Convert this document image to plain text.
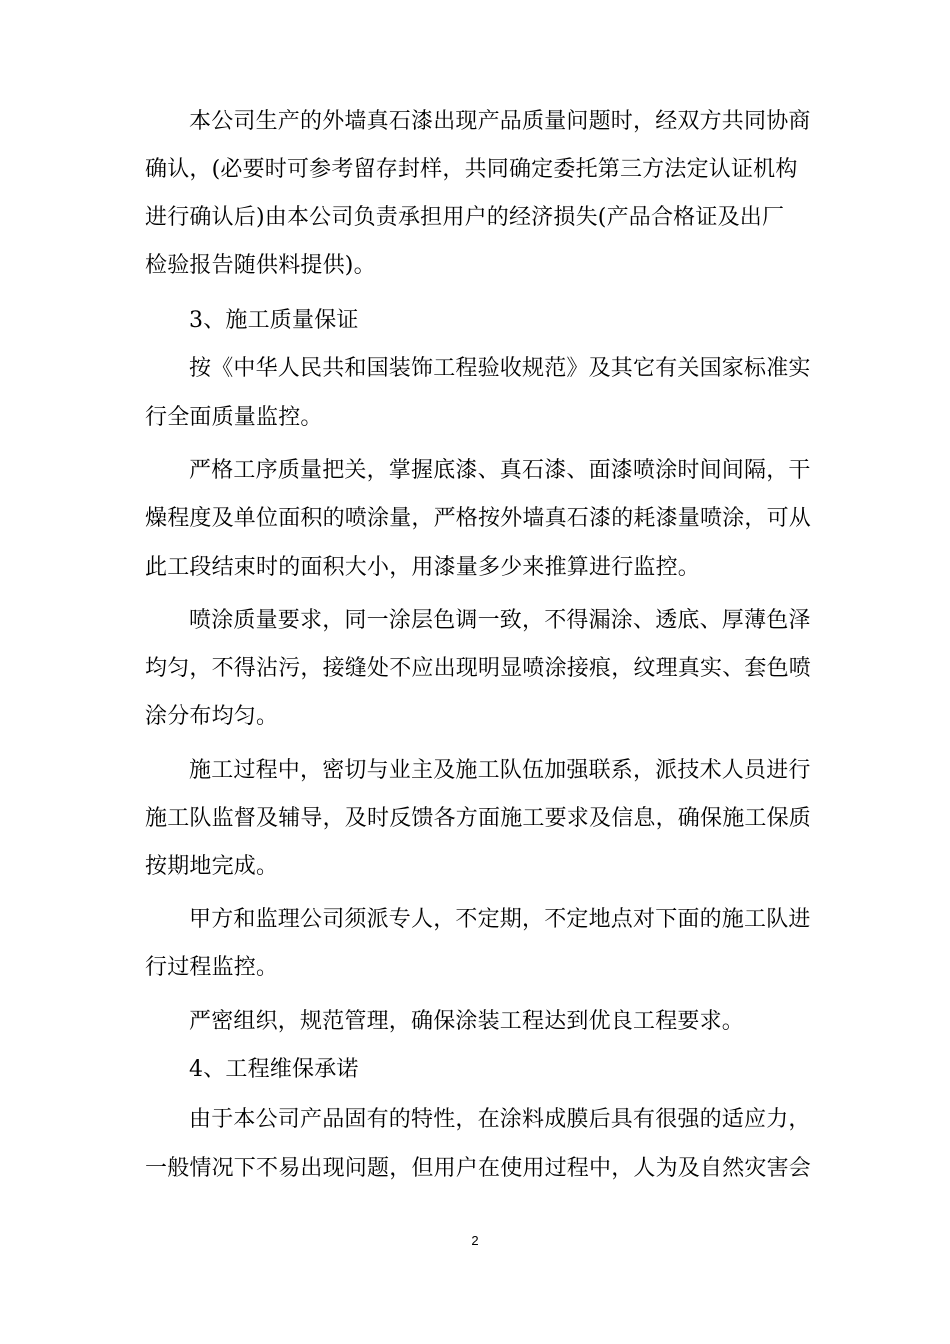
本公司生产的外墙真石漆出现产品质量问题时，经双方共同协商
确认，(必要时可参考留存封样，共同确定委托第三方法定认证机构
进行确认后)由本公司负责承担用户的经济损失(产品合格证及出厂
检验报告随供料提供)。
3、施工质量保证
按《中华人民共和国装饰工程验收规范》及其它有关国家标准实
行全面质量监控。
严格工序质量把关，掌握底漆、真石漆、面漆喷涂时间间隔，干
燥程度及单位面积的喷涂量，严格按外墙真石漆的耗漆量喷涂，可从
此工段结束时的面积大小，用漆量多少来推算进行监控。
喷涂质量要求，同一涂层色调一致，不得漏涂、透底、厚薄色泽
均匀，不得沾污，接缝处不应出现明显喷涂接痕，纹理真实、套色喷
涂分布均匀。
施工过程中，密切与业主及施工队伍加强联系，派技术人员进行
施工队监督及辅导，及时反馈各方面施工要求及信息，确保施工保质
按期地完成。
甲方和监理公司须派专人，不定期，不定地点对下面的施工队进
行过程监控。
严密组织，规范管理，确保涂装工程达到优良工程要求。
4、工程维保承诺
由于本公司产品固有的特性，在涂料成膜后具有很强的适应力，
一般情况下不易出现问题，但用户在使用过程中，人为及自然灾害会
2
